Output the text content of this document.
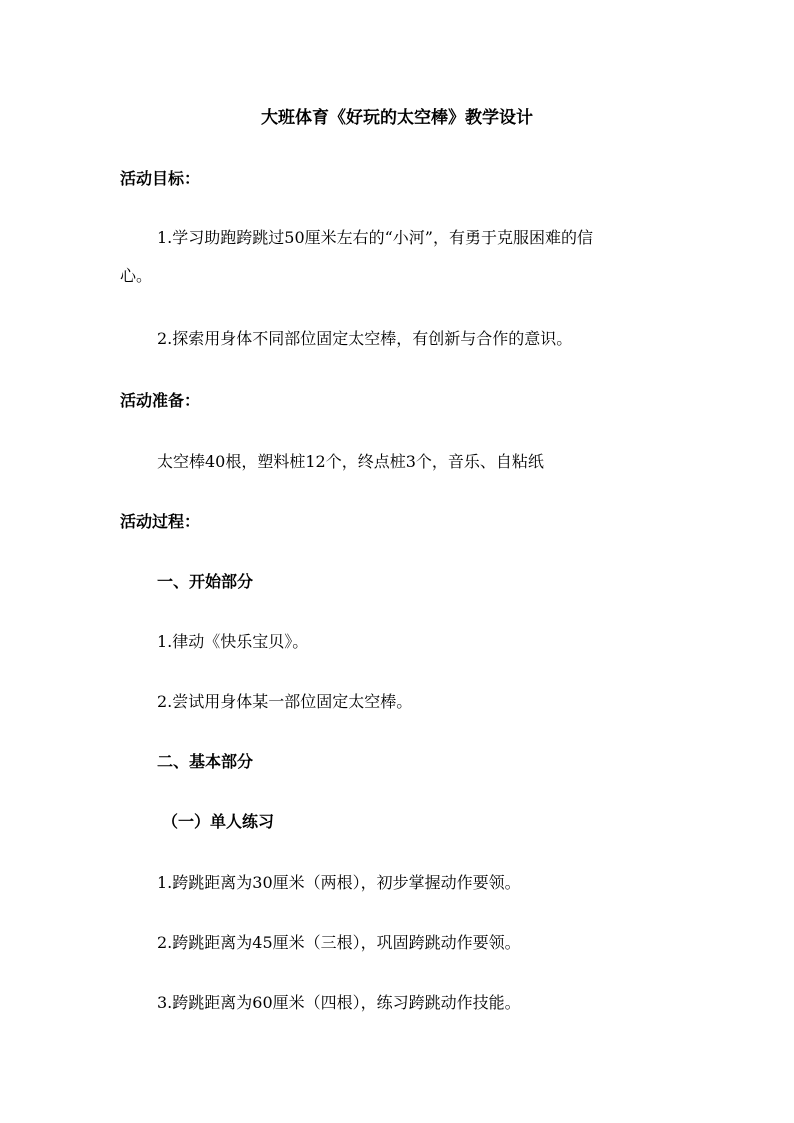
大班体育《好玩的太空棒》教学设计
活动目标：
1.学习助跑跨跳过50厘米左右的“小河”，有勇于克服困难的信
心。
2.探索用身体不同部位固定太空棒，有创新与合作的意识。
活动准备：
太空棒40根，塑料桩12个，终点桩3个，音乐、自粘纸
活动过程：
一、开始部分
1.律动《快乐宝贝》。
2.尝试用身体某一部位固定太空棒。
二、基本部分
（一）单人练习
1.跨跳距离为30厘米（两根），初步掌握动作要领。
2.跨跳距离为45厘米（三根），巩固跨跳动作要领。
3.跨跳距离为60厘米（四根），练习跨跳动作技能。
